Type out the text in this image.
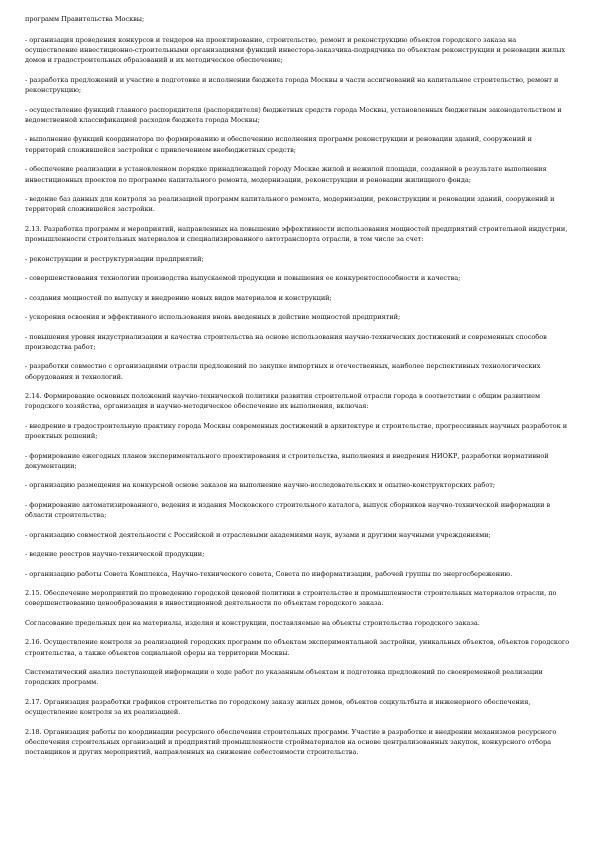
программ Правительства Москвы;

- организация проведения конкурсов и тендеров на проектирование, строительство, ремонт и реконструкцию объектов городского заказа на осуществление инвестиционно-строительными организациями функций инвестора-заказчика-подрядчика по объектам реконструкции и реновации жилых домов и градостроительных образований и их методическое обеспечение;

- разработка предложений и участие в подготовке и исполнении бюджета города Москвы в части ассигнований на капитальное строительство, ремонт и реконструкцию;

- осуществление функций главного распорядителя (распорядителя) бюджетных средств города Москвы, установленных бюджетным законодательством и ведомственной классификацией расходов бюджета города Москвы;

- выполнение функций координатора по формированию и обеспечению исполнения программ реконструкции и реновации зданий, сооружений и территорий сложившейся застройки с привлечением внебюджетных средств;

- обеспечение реализации в установленном порядке принадлежащей городу Москве жилой и нежилой площади, созданной в результате выполнения инвестиционных проектов по программе капитального ремонта, модернизации, реконструкции и реновации жилищного фонда;

- ведение баз данных для контроля за реализацией программ капитального ремонта, модернизации, реконструкции и реновации зданий, сооружений и территорий сложившейся застройки.

2.13. Разработка программ и мероприятий, направленных на повышение эффективности использования мощностей предприятий строительной индустрии, промышленности строительных материалов и специализированного автотранспорта отрасли, в том числе за счет:

- реконструкции и реструктуризации предприятий;

- совершенствования технологии производства выпускаемой продукции и повышения ее конкурентоспособности и качества;

- создания мощностей по выпуску и внедрению новых видов материалов и конструкций;

- ускорения освоения и эффективного использования вновь введенных в действие мощностей предприятий;

- повышения уровня индустриализации и качества строительства на основе использования научно-технических достижений и современных способов производства работ;

- разработки совместно с организациями отрасли предложений по закупке импортных и отечественных, наиболее перспективных технологических оборудования и технологий.

2.14. Формирование основных положений научно-технической политики развития строительной отрасли города в соответствии с общим развитием городского хозяйства, организация и научно-методическое обеспечение их выполнения, включая:

- внедрение в градостроительную практику города Москвы современных достижений в архитектуре и строительстве, прогрессивных научных разработок и проектных решений;

- формирование ежегодных планов экспериментального проектирования и строительства, выполнения и внедрения НИОКР, разработки нормативной документации;

- организацию размещения на конкурсной основе заказов на выполнение научно-исследовательских и опытно-конструкторских работ;

- формирование автоматизированного, ведения и издания Московского строительного каталога, выпуск сборников научно-технической информации в области строительства;

- организацию совместной деятельности с Российской и отраслевыми академиями наук, вузами и другими научными учреждениями;

- ведение реестров научно-технической продукции;

- организацию работы Совета Комплекса, Научно-технического совета, Совета по информатизации, рабочей группы по энергосбережению.

2.15. Обеспечение мероприятий по проведению городской ценовой политики в строительстве и промышленности строительных материалов отрасли, по совершенствованию ценообразования в инвестиционной деятельности по объектам городского заказа.

Согласование предельных цен на материалы, изделия и конструкции, поставляемые на объекты строительства городского заказа.

2.16. Осуществление контроля за реализацией городских программ по объектам экспериментальной застройки, уникальных объектов, объектов городского строительства, а также объектов социальной сферы на территории Москвы.

Систематический анализ поступающей информации о ходе работ по указанным объектам и подготовка предложений по своевременной реализации городских программ.

2.17. Организация разработки графиков строительства по городскому заказу жилых домов, объектов соцкультбыта и инженерного обеспечения, осуществление контроля за их реализацией.

2.18. Организация работы по координации ресурсного обеспечения строительных программ. Участие в разработке и внедрении механизмов ресурсного обеспечения строительных организаций и предприятий промышленности стройматериалов на основе централизованных закупок, конкурсного отбора поставщиков и других мероприятий, направленных на снижение себестоимости строительства.
